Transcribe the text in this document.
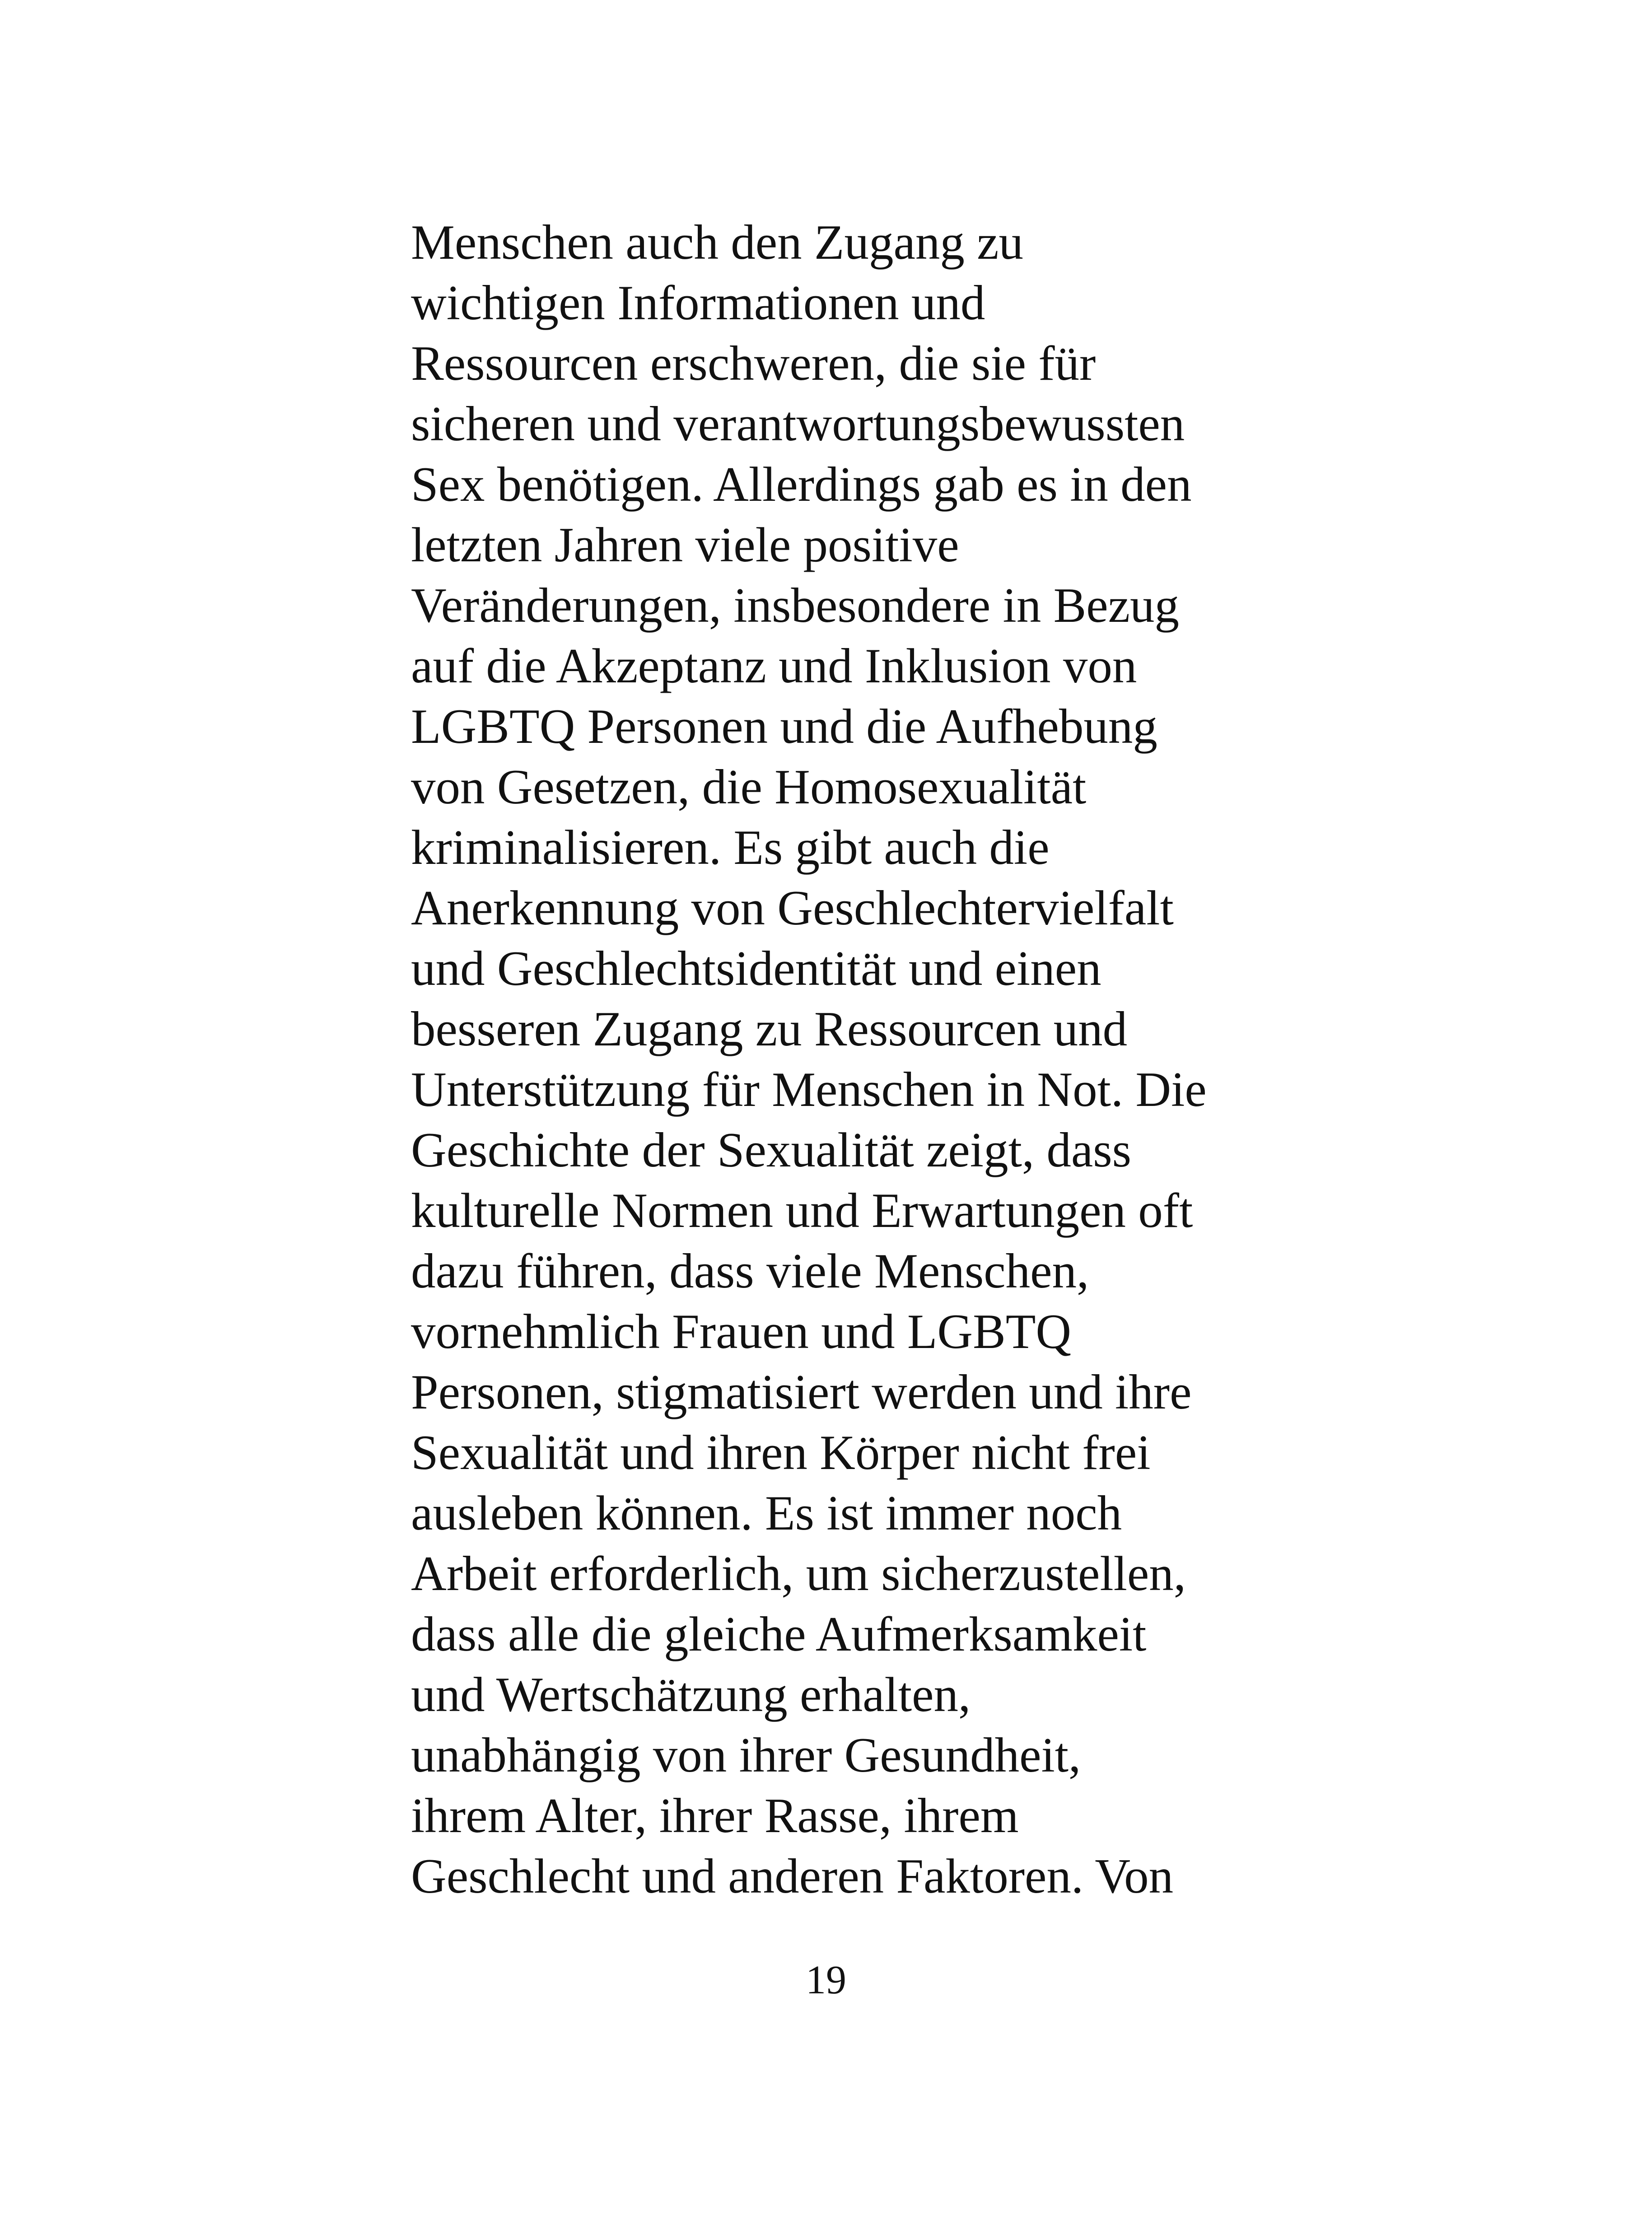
Menschen auch den Zugang zu
wichtigen Informationen und
Ressourcen erschweren, die sie für
sicheren und verantwortungsbewussten
Sex benötigen. Allerdings gab es in den
letzten Jahren viele positive
Veränderungen, insbesondere in Bezug
auf die Akzeptanz und Inklusion von
LGBTQ Personen und die Aufhebung
von Gesetzen, die Homosexualität
kriminalisieren. Es gibt auch die
Anerkennung von Geschlechtervielfalt
und Geschlechtsidentität und einen
besseren Zugang zu Ressourcen und
Unterstützung für Menschen in Not. Die
Geschichte der Sexualität zeigt, dass
kulturelle Normen und Erwartungen oft
dazu führen, dass viele Menschen,
vornehmlich Frauen und LGBTQ
Personen, stigmatisiert werden und ihre
Sexualität und ihren Körper nicht frei
ausleben können. Es ist immer noch
Arbeit erforderlich, um sicherzustellen,
dass alle die gleiche Aufmerksamkeit
und Wertschätzung erhalten,
unabhängig von ihrer Gesundheit,
ihrem Alter, ihrer Rasse, ihrem
Geschlecht und anderen Faktoren. Von
19
